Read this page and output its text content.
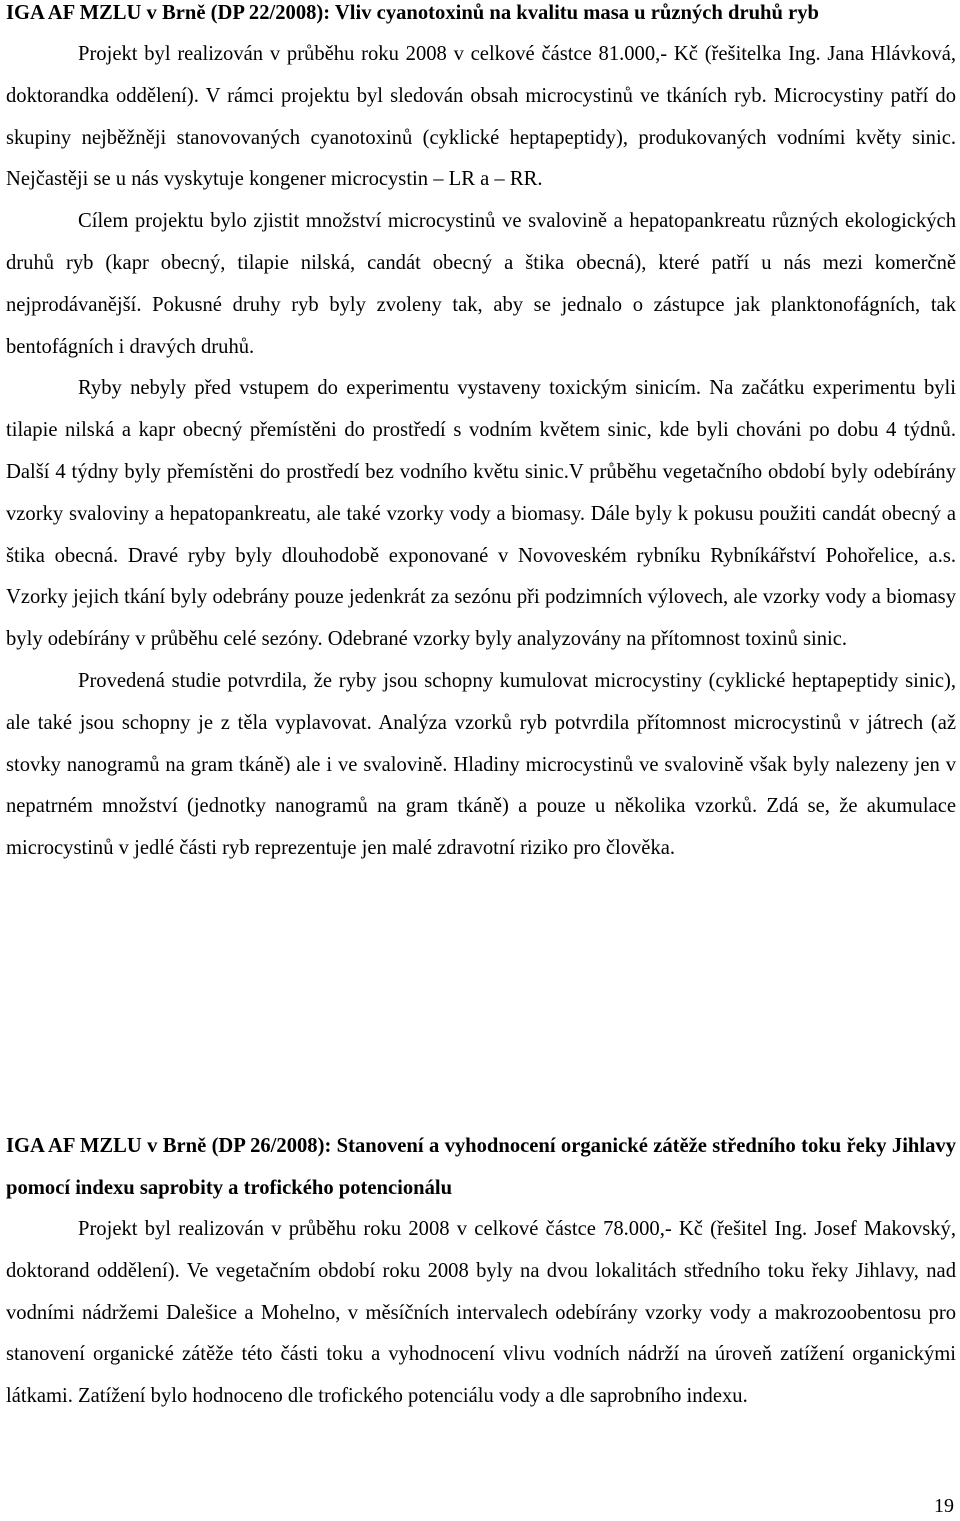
IGA AF MZLU v Brně (DP 22/2008): Vliv cyanotoxinů na kvalitu masa u různých druhů ryb

Projekt byl realizován v průběhu roku 2008 v celkové částce 81.000,- Kč (řešitelka Ing. Jana Hlávková, doktorandka oddělení). V rámci projektu byl sledován obsah microcystinů ve tkáních ryb. Microcystiny patří do skupiny nejběžněji stanovovaných cyanotoxinů (cyklické heptapeptidy), produkovaných vodními květy sinic. Nejčastěji se u nás vyskytuje kongener microcystin – LR a – RR.

Cílem projektu bylo zjistit množství microcystinů ve svalovině a hepatopankreatu různých ekologických druhů ryb (kapr obecný, tilapie nilská, candát obecný a štika obecná), které patří u nás mezi komerčně nejprodávanější. Pokusné druhy ryb byly zvoleny tak, aby se jednalo o zástupce jak planktonofágních, tak bentofágních i dravých druhů.

Ryby nebyly před vstupem do experimentu vystaveny toxickým sinicím. Na začátku experimentu byli tilapie nilská a kapr obecný přemístěni do prostředí s vodním květem sinic, kde byli chováni po dobu 4 týdnů. Další 4 týdny byly přemístěni do prostředí bez vodního květu sinic.V průběhu vegetačního období byly odebírány vzorky svaloviny a hepatopankreatu, ale také vzorky vody a biomasy. Dále byly k pokusu použiti candát obecný a štika obecná. Dravé ryby byly dlouhodobě exponované v Novoveském rybníku Rybníkářství Pohořelice, a.s. Vzorky jejich tkání byly odebrány pouze jedenkrát za sezónu při podzimních výlovech, ale vzorky vody a biomasy byly odebírány v průběhu celé sezóny. Odebrané vzorky byly analyzovány na přítomnost toxinů sinic.

Provedená studie potvrdila, že ryby jsou schopny kumulovat microcystiny (cyklické heptapeptidy sinic), ale také jsou schopny je z těla vyplavovat. Analýza vzorků ryb potvrdila přítomnost microcystinů v játrech (až stovky nanogramů na gram tkáně) ale i ve svalovině. Hladiny microcystinů ve svalovině však byly nalezeny jen v nepatrném množství (jednotky nanogramů na gram tkáně) a pouze u několika vzorků. Zdá se, že akumulace microcystinů v jedlé části ryb reprezentuje jen malé zdravotní riziko pro člověka.

IGA AF MZLU v Brně (DP 26/2008): Stanovení a vyhodnocení organické zátěže středního toku řeky Jihlavy pomocí indexu saprobity a trofického potencionálu

Projekt byl realizován v průběhu roku 2008 v celkové částce 78.000,- Kč (řešitel Ing. Josef Makovský, doktorand oddělení). Ve vegetačním období roku 2008 byly na dvou lokalitách středního toku řeky Jihlavy, nad vodními nádržemi Dalešice a Mohelno, v měsíčních intervalech odebírány vzorky vody a makrozoobentosu pro stanovení organické zátěže této části toku a vyhodnocení vlivu vodních nádrží na úroveň zatížení organickými látkami. Zatížení bylo hodnoceno dle trofického potenciálu vody a dle saprobního indexu.

19
